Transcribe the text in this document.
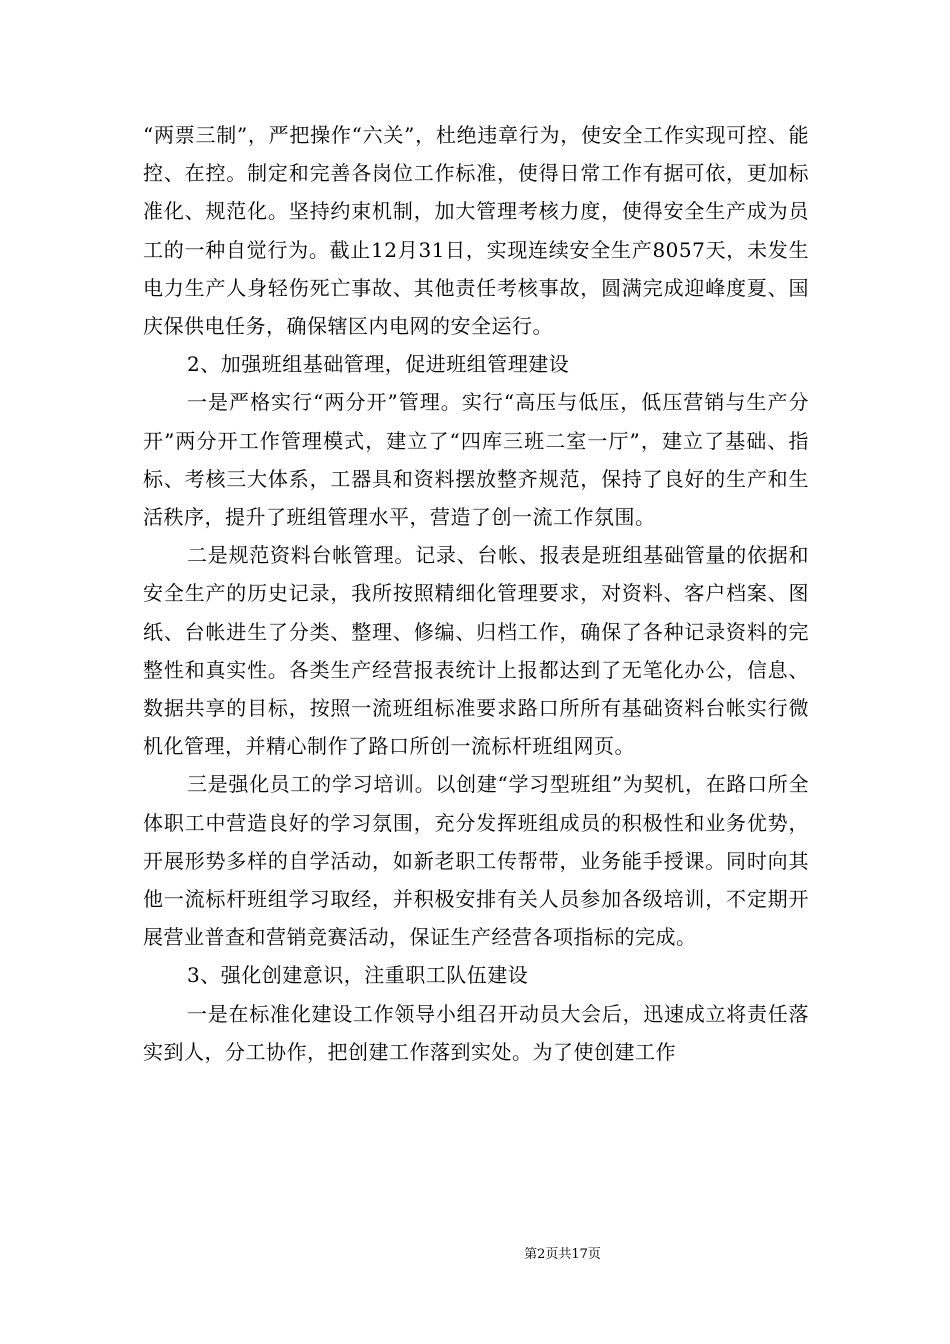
“两票三制”，严把操作“六关”，杜绝违章行为，使安全工作实现可控、能控、在控。制定和完善各岗位工作标准，使得日常工作有据可依，更加标准化、规范化。坚持约束机制，加大管理考核力度，使得安全生产成为员工的一种自觉行为。截止12月31日，实现连续安全生产8057天，未发生电力生产人身轻伤死亡事故、其他责任考核事故，圆满完成迎峰度夏、国庆保供电任务，确保辖区内电网的安全运行。

2、加强班组基础管理，促进班组管理建设

一是严格实行“两分开”管理。实行“高压与低压，低压营销与生产分开”两分开工作管理模式，建立了“四库三班二室一厅”，建立了基础、指标、考核三大体系，工器具和资料摆放整齐规范，保持了良好的生产和生活秩序，提升了班组管理水平，营造了创一流工作氛围。

二是规范资料台帐管理。记录、台帐、报表是班组基础管量的依据和安全生产的历史记录，我所按照精细化管理要求，对资料、客户档案、图纸、台帐进生了分类、整理、修编、归档工作，确保了各种记录资料的完整性和真实性。各类生产经营报表统计上报都达到了无笔化办公，信息、数据共享的目标，按照一流班组标准要求路口所所有基础资料台帐实行微机化管理，并精心制作了路口所创一流标杆班组网页。

三是强化员工的学习培训。以创建“学习型班组”为契机，在路口所全体职工中营造良好的学习氛围，充分发挥班组成员的积极性和业务优势，开展形势多样的自学活动，如新老职工传帮带，业务能手授课。同时向其他一流标杆班组学习取经，并积极安排有关人员参加各级培训，不定期开展营业普查和营销竞赛活动，保证生产经营各项指标的完成。

3、强化创建意识，注重职工队伍建设

一是在标准化建设工作领导小组召开动员大会后，迅速成立将责任落实到人，分工协作，把创建工作落到实处。为了使创建工作

第2页共17页
